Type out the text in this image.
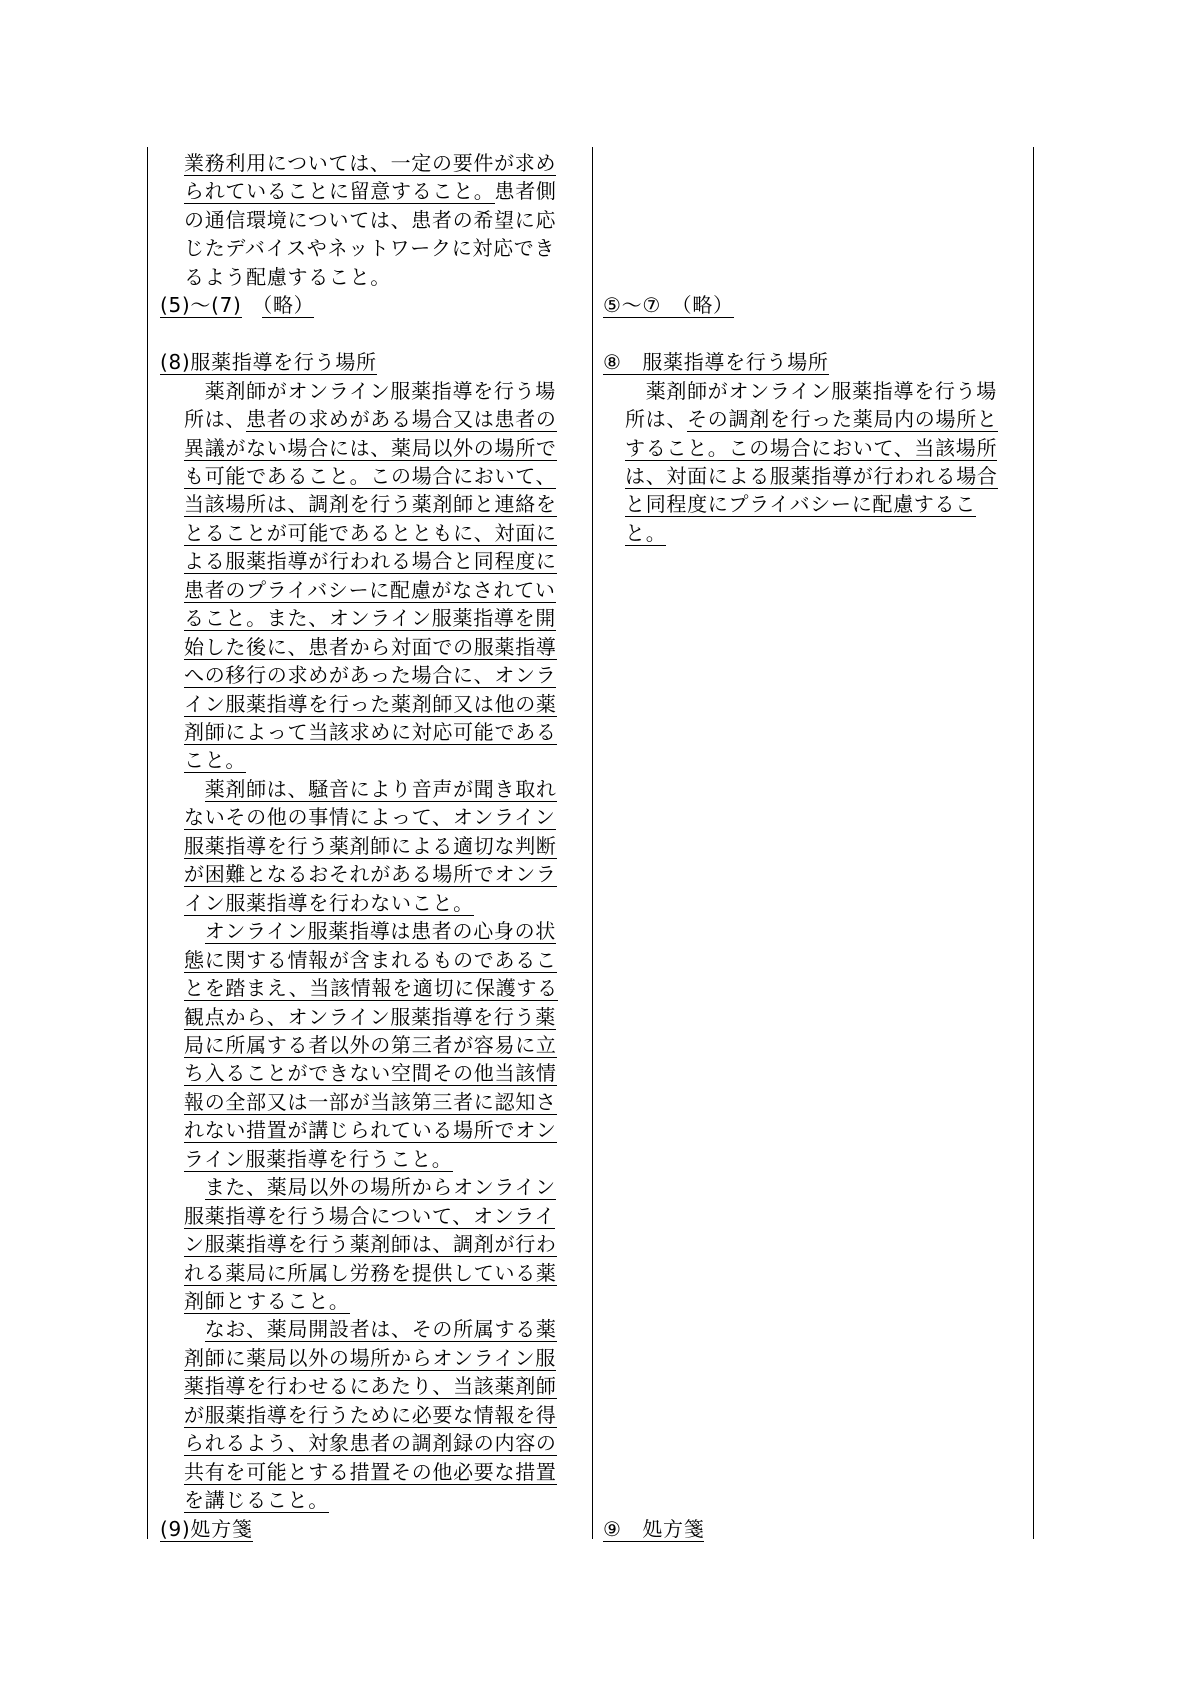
業務利用については、一定の要件が求め
られていることに留意すること。患者側
の通信環境については、患者の希望に応
じたデバイスやネットワークに対応でき
るよう配慮すること。
(5)～(7)　 （略）
(8)服薬指導を行う場所
　薬剤師がオンライン服薬指導を行う場
所は、患者の求めがある場合又は患者の
異議がない場合には、薬局以外の場所で
も可能であること。この場合において、
当該場所は、調剤を行う薬剤師と連絡を
とることが可能であるとともに、対面に
よる服薬指導が行われる場合と同程度に
患者のプライバシーに配慮がなされてい
ること。また、オンライン服薬指導を開
始した後に、患者から対面での服薬指導
への移行の求めがあった場合に、オンラ
イン服薬指導を行った薬剤師又は他の薬
剤師によって当該求めに対応可能である
こと。
　薬剤師は、騒音により音声が聞き取れ
ないその他の事情によって、オンライン
服薬指導を行う薬剤師による適切な判断
が困難となるおそれがある場所でオンラ
イン服薬指導を行わないこと。
　オンライン服薬指導は患者の心身の状
態に関する情報が含まれるものであるこ
とを踏まえ、当該情報を適切に保護する
観点から、オンライン服薬指導を行う薬
局に所属する者以外の第三者が容易に立
ち入ることができない空間その他当該情
報の全部又は一部が当該第三者に認知さ
れない措置が講じられている場所でオン
ライン服薬指導を行うこと。
　また、薬局以外の場所からオンライン
服薬指導を行う場合について、オンライ
ン服薬指導を行う薬剤師は、調剤が行わ
れる薬局に所属し労務を提供している薬
剤師とすること。
　なお、薬局開設者は、その所属する薬
剤師に薬局以外の場所からオンライン服
薬指導を行わせるにあたり、当該薬剤師
が服薬指導を行うために必要な情報を得
られるよう、対象患者の調剤録の内容の
共有を可能とする措置その他必要な措置
を講じること。
(9)処方箋
⑤～⑦　（略）
⑧　服薬指導を行う場所
　薬剤師がオンライン服薬指導を行う場
所は、その調剤を行った薬局内の場所と
すること。この場合において、当該場所
は、対面による服薬指導が行われる場合
と同程度にプライバシーに配慮するこ
と。
⑨　処方箋
